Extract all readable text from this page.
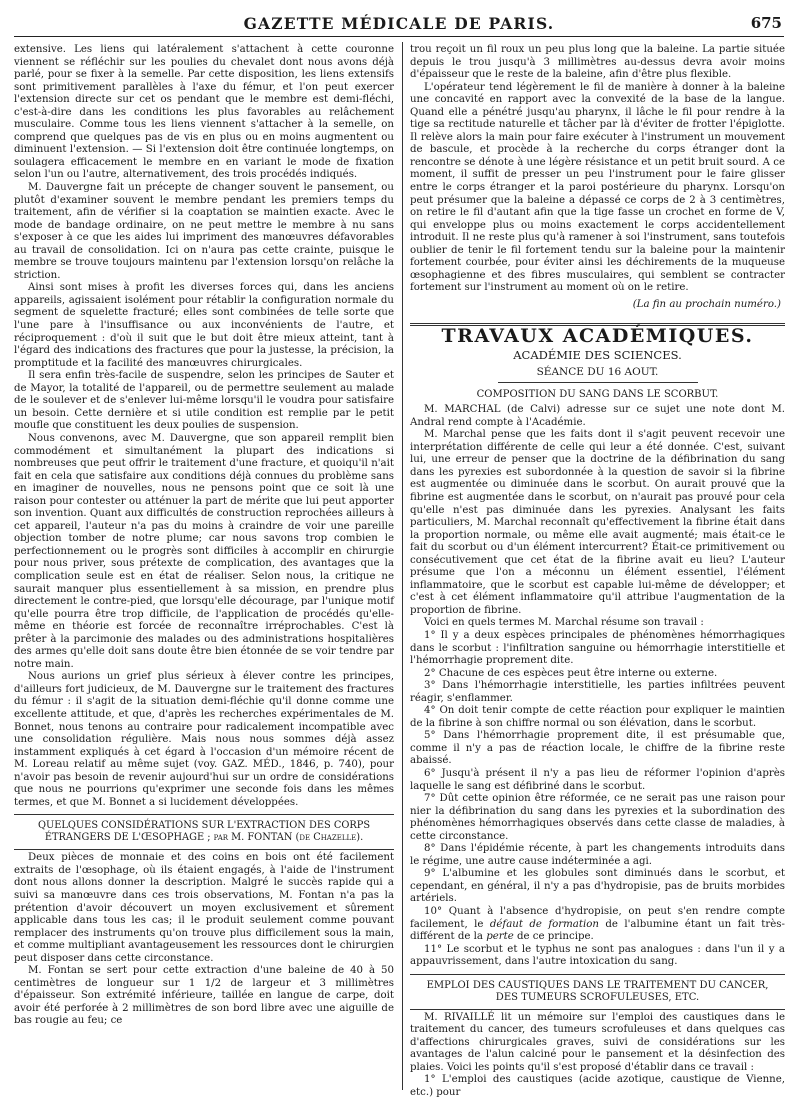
GAZETTE MÉDICALE DE PARIS.	675

extensive. Les liens qui latéralement s'attachent à cette couronne viennent se réfléchir sur les poulies du chevalet dont nous avons déjà parlé, pour se fixer à la semelle. Par cette disposition, les liens extensifs sont primitivement parallèles à l'axe du fémur, et l'on peut exercer l'extension directe sur cet os pendant que le membre est demi-fléchi, c'est-à-dire dans les conditions les plus favorables au relâchement musculaire. Comme tous les liens viennent s'attacher à la semelle, on comprend que quelques pas de vis en plus ou en moins augmentent ou diminuent l'extension. — Si l'extension doit être continuée longtemps, on soulagera efficacement le membre en en variant le mode de fixation selon l'un ou l'autre, alternativement, des trois procédés indiqués.

M. Dauvergne fait un précepte de changer souvent le pansement, ou plutôt d'examiner souvent le membre pendant les premiers temps du traitement, afin de vérifier si la coaptation se maintien exacte. Avec le mode de bandage ordinaire, on ne peut mettre le membre à nu sans s'exposer à ce que les aides lui impriment des manœuvres défavorables au travail de consolidation. Ici on n'aura pas cette crainte, puisque le membre se trouve toujours maintenu par l'extension lorsqu'on relâche la striction.

Ainsi sont mises à profit les diverses forces qui, dans les anciens appareils, agissaient isolément pour rétablir la configuration normale du segment de squelette fracturé; elles sont combinées de telle sorte que l'une pare à l'insuffisance ou aux inconvénients de l'autre, et réciproquement : d'où il suit que le but doit être mieux atteint, tant à l'égard des indications des fractures que pour la justesse, la précision, la promptitude et la facilité des manœuvres chirurgicales.

Il sera enfin très-facile de suspendre, selon les principes de Sauter et de Mayor, la totalité de l'appareil, ou de permettre seulement au malade de le soulever et de s'enlever lui-même lorsqu'il le voudra pour satisfaire un besoin. Cette dernière et si utile condition est remplie par le petit moufle que constituent les deux poulies de suspension.

Nous convenons, avec M. Dauvergne, que son appareil remplit bien commodément et simultanément la plupart des indications si nombreuses que peut offrir le traitement d'une fracture, et quoiqu'il n'ait fait en cela que satisfaire aux conditions déjà connues du problème sans en imaginer de nouvelles, nous ne pensons point que ce soit là une raison pour contester ou atténuer la part de mérite que lui peut apporter son invention. Quant aux difficultés de construction reprochées ailleurs à cet appareil, l'auteur n'a pas du moins à craindre de voir une pareille objection tomber de notre plume; car nous savons trop combien le perfectionnement ou le progrès sont difficiles à accomplir en chirurgie pour nous priver, sous prétexte de complication, des avantages que la complication seule est en état de réaliser. Selon nous, la critique ne saurait manquer plus essentiellement à sa mission, en prendre plus directement le contre-pied, que lorsqu'elle décourage, par l'unique motif qu'elle pourra être trop difficile, de l'application de procédés qu'elle-même en théorie est forcée de reconnaître irréprochables. C'est là prêter à la parcimonie des malades ou des administrations hospitalières des armes qu'elle doit sans doute être bien étonnée de se voir tendre par notre main.

Nous aurions un grief plus sérieux à élever contre les principes, d'ailleurs fort judicieux, de M. Dauvergne sur le traitement des fractures du fémur : il s'agit de la situation demi-fléchie qu'il donne comme une excellente attitude, et que, d'après les recherches expérimentales de M. Bonnet, nous tenons au contraire pour radicalement incompatible avec une consolidation régulière. Mais nous nous sommes déjà assez instamment expliqués à cet égard à l'occasion d'un mémoire récent de M. Loreau relatif au même sujet (voy. GAZ. MÉD., 1846, p. 740), pour n'avoir pas besoin de revenir aujourd'hui sur un ordre de considérations que nous ne pourrions qu'exprimer une seconde fois dans les mêmes termes, et que M. Bonnet a si lucidement développées.

QUELQUES CONSIDÉRATIONS SUR L'EXTRACTION DES CORPS ÉTRANGERS DE L'ŒSOPHAGE ; par M. FONTAN (de Chazelle).

Deux pièces de monnaie et des coins en bois ont été facilement extraits de l'œsophage, où ils étaient engagés, à l'aide de l'instrument dont nous allons donner la description. Malgré le succès rapide qui a suivi sa manœuvre dans ces trois observations, M. Fontan n'a pas la prétention d'avoir découvert un moyen exclusivement et sûrement applicable dans tous les cas; il le produit seulement comme pouvant remplacer des instruments qu'on trouve plus difficilement sous la main, et comme multipliant avantageusement les ressources dont le chirurgien peut disposer dans cette circonstance.

M. Fontan se sert pour cette extraction d'une baleine de 40 à 50 centimètres de longueur sur 1 1/2 de largeur et 3 millimètres d'épaisseur. Son extrémité inférieure, taillée en langue de carpe, doit avoir été perforée à 2 millimètres de son bord libre avec une aiguille de bas rougie au feu; ce

trou reçoit un fil roux un peu plus long que la baleine. La partie située depuis le trou jusqu'à 3 millimètres au-dessus devra avoir moins d'épaisseur que le reste de la baleine, afin d'être plus flexible.

L'opérateur tend légèrement le fil de manière à donner à la baleine une concavité en rapport avec la convexité de la base de la langue. Quand elle a pénétré jusqu'au pharynx, il lâche le fil pour rendre à la tige sa rectitude naturelle et tâcher par là d'éviter de frotter l'épiglotte. Il relève alors la main pour faire exécuter à l'instrument un mouvement de bascule, et procède à la recherche du corps étranger dont la rencontre se dénote à une légère résistance et un petit bruit sourd. A ce moment, il suffit de presser un peu l'instrument pour le faire glisser entre le corps étranger et la paroi postérieure du pharynx. Lorsqu'on peut présumer que la baleine a dépassé ce corps de 2 à 3 centimètres, on retire le fil d'autant afin que la tige fasse un crochet en forme de V, qui enveloppe plus ou moins exactement le corps accidentellement introduit. Il ne reste plus qu'à ramener à soi l'instrument, sans toutefois oublier de tenir le fil fortement tendu sur la baleine pour la maintenir fortement courbée, pour éviter ainsi les déchirements de la muqueuse œsophagienne et des fibres musculaires, qui semblent se contracter fortement sur l'instrument au moment où on le retire.

(La fin au prochain numéro.)
TRAVAUX ACADÉMIQUES.
ACADÉMIE DES SCIENCES.
SÉANCE DU 16 AOUT.
COMPOSITION DU SANG DANS LE SCORBUT.

M. MARCHAL (de Calvi) adresse sur ce sujet une note dont M. Andral rend compte à l'Académie.

M. Marchal pense que les faits dont il s'agit peuvent recevoir une interprétation différente de celle qui leur a été donnée. C'est, suivant lui, une erreur de penser que la doctrine de la défibrination du sang dans les pyrexies est subordonnée à la question de savoir si la fibrine est augmentée ou diminuée dans le scorbut. On aurait prouvé que la fibrine est augmentée dans le scorbut, on n'aurait pas prouvé pour cela qu'elle n'est pas diminuée dans les pyrexies. Analysant les faits particuliers, M. Marchal reconnaît qu'effectivement la fibrine était dans la proportion normale, ou même elle avait augmenté; mais était-ce le fait du scorbut ou d'un élément intercurrent? Était-ce primitivement ou consécutivement que cet état de la fibrine avait eu lieu? L'auteur présume que l'on a méconnu un élément essentiel, l'élément inflammatoire, que le scorbut est capable lui-même de développer; et c'est à cet élément inflammatoire qu'il attribue l'augmentation de la proportion de fibrine.

Voici en quels termes M. Marchal résume son travail :

1° Il y a deux espèces principales de phénomènes hémorrhagiques dans le scorbut : l'infiltration sanguine ou hémorrhagie interstitielle et l'hémorrhagie proprement dite.

2° Chacune de ces espèces peut être interne ou externe.

3° Dans l'hémorrhagie interstitielle, les parties infiltrées peuvent réagir, s'enflammer.

4° On doit tenir compte de cette réaction pour expliquer le maintien de la fibrine à son chiffre normal ou son élévation, dans le scorbut.

5° Dans l'hémorrhagie proprement dite, il est présumable que, comme il n'y a pas de réaction locale, le chiffre de la fibrine reste abaissé.

6° Jusqu'à présent il n'y a pas lieu de réformer l'opinion d'après laquelle le sang est défibriné dans le scorbut.

7° Dût cette opinion être réformée, ce ne serait pas une raison pour nier la défibrination du sang dans les pyrexies et la subordination des phénomènes hémorrhagiques observés dans cette classe de maladies, à cette circonstance.

8° Dans l'épidémie récente, à part les changements introduits dans le régime, une autre cause indéterminée a agi.

9° L'albumine et les globules sont diminués dans le scorbut, et cependant, en général, il n'y a pas d'hydropisie, pas de bruits morbides artériels.

10° Quant à l'absence d'hydropisie, on peut s'en rendre compte facilement, le défaut de formation de l'albumine étant un fait très-différent de la perte de ce principe.

11° Le scorbut et le typhus ne sont pas analogues : dans l'un il y a appauvrissement, dans l'autre intoxication du sang.

EMPLOI DES CAUSTIQUES DANS LE TRAITEMENT DU CANCER, DES TUMEURS SCROFULEUSES, ETC.

M. RIVAILLÉ lit un mémoire sur l'emploi des caustiques dans le traitement du cancer, des tumeurs scrofuleuses et dans quelques cas d'affections chirurgicales graves, suivi de considérations sur les avantages de l'alun calciné pour le pansement et la désinfection des plaies. Voici les points qu'il s'est proposé d'établir dans ce travail :

1° L'emploi des caustiques (acide azotique, caustique de Vienne, etc.) pour
